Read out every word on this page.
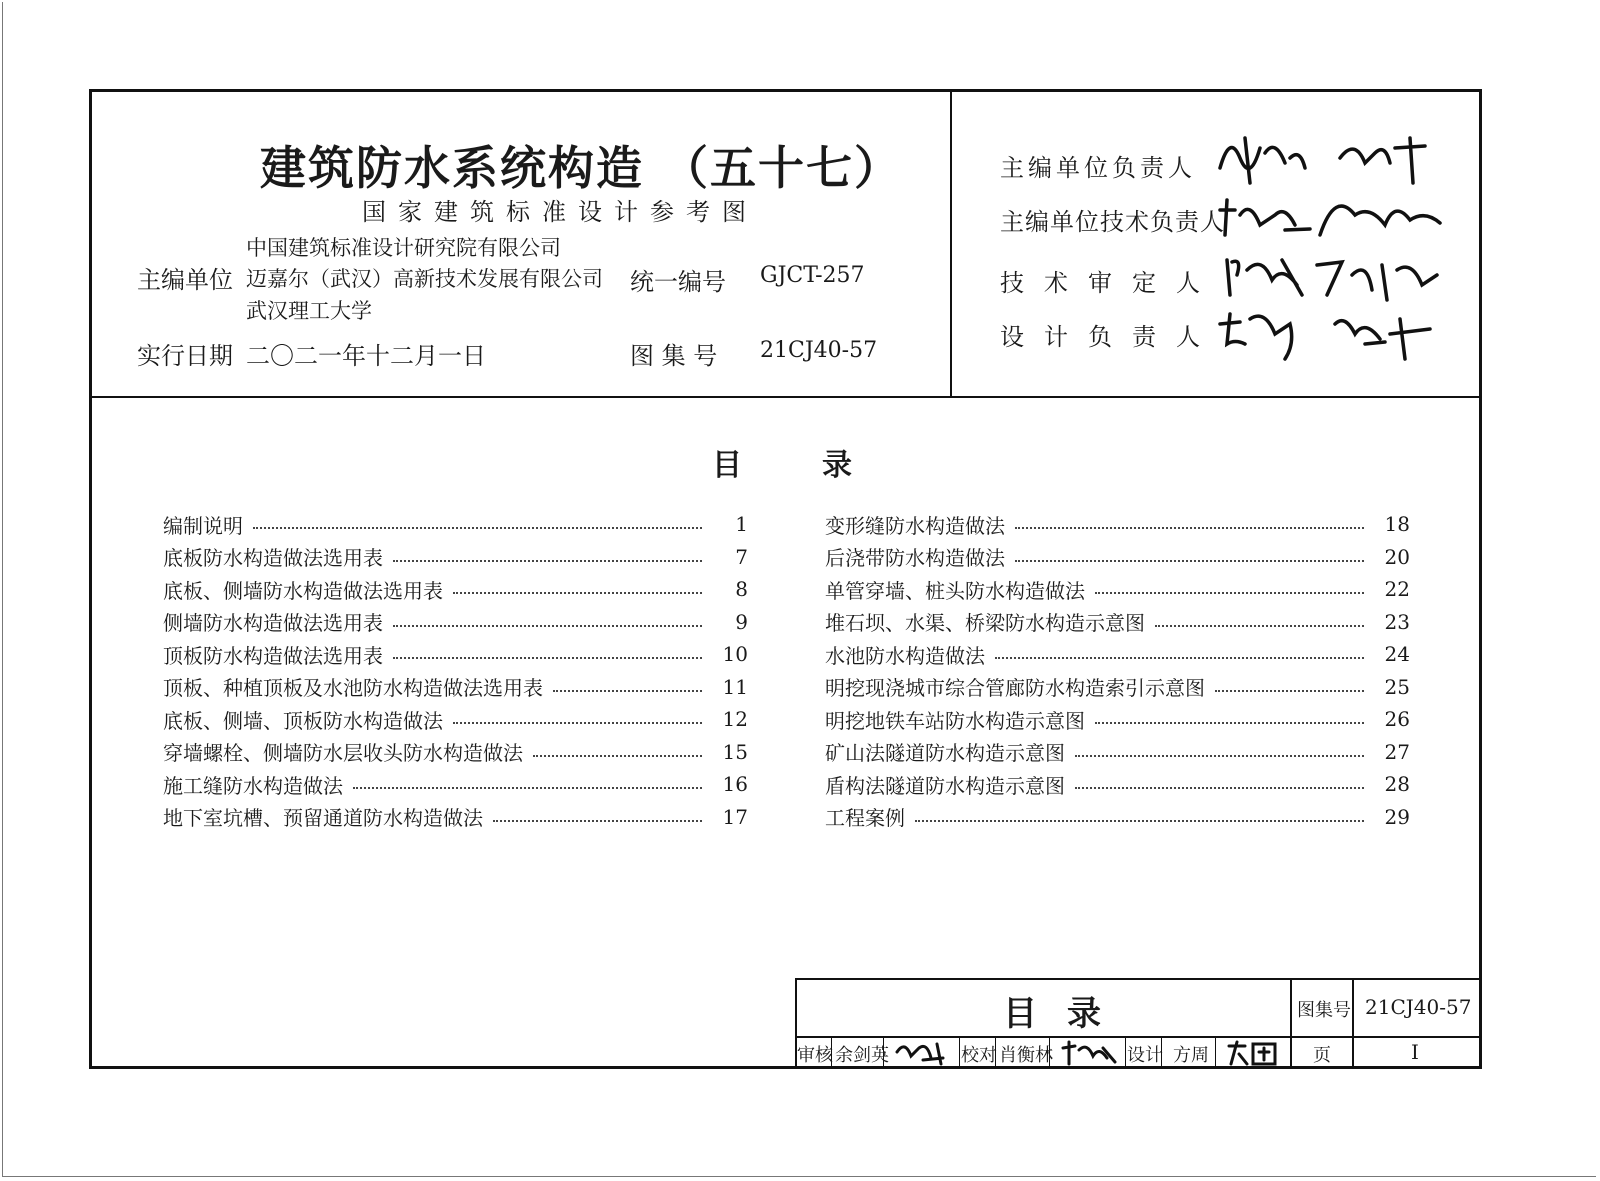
建筑防水系统构造 （五十七）
国家建筑标准设计参考图
主编单位
中国建筑标准设计研究院有限公司
迈嘉尔（武汉）高新技术发展有限公司
武汉理工大学
统一编号 GJCT-257
实行日期 二〇二一年十二月一日	图 集 号 21CJ40-57
主编单位负责人
主编单位技术负责人
技术审定人
设计负责人
目录
编制说明	1
底板防水构造做法选用表	7
底板、侧墙防水构造做法选用表	8
侧墙防水构造做法选用表	9
顶板防水构造做法选用表	10
顶板、种植顶板及水池防水构造做法选用表	11
底板、侧墙、顶板防水构造做法	12
穿墙螺栓、侧墙防水层收头防水构造做法	15
施工缝防水构造做法	16
地下室坑槽、预留通道防水构造做法	17
变形缝防水构造做法	18
后浇带防水构造做法	20
单管穿墙、桩头防水构造做法	22
堆石坝、水渠、桥梁防水构造示意图	23
水池防水构造做法	24
明挖现浇城市综合管廊防水构造索引示意图	25
明挖地铁车站防水构造示意图	26
矿山法隧道防水构造示意图	27
盾构法隧道防水构造示意图	28
工程案例	29
目录	图集号 21CJ40-57
审核 余剑英	校对 肖衡林	设计 方周	页	I
